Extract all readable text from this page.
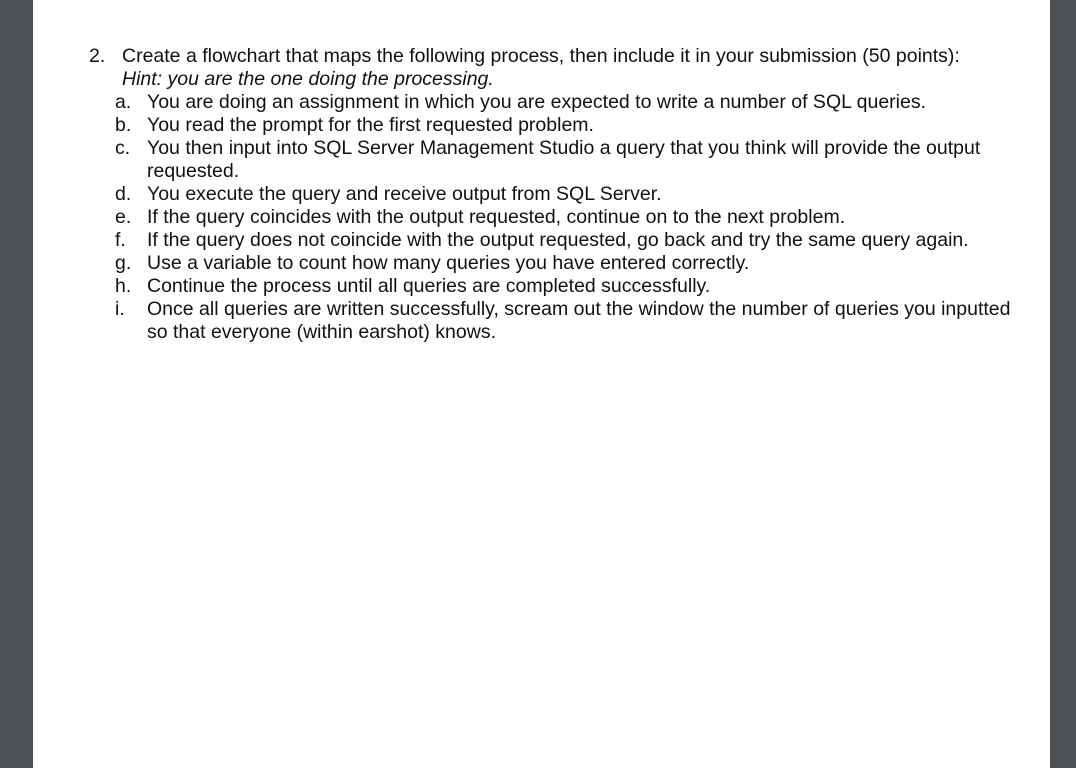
2. Create a flowchart that maps the following process, then include it in your submission (50 points):
Hint: you are the one doing the processing.
a. You are doing an assignment in which you are expected to write a number of SQL queries.
b. You read the prompt for the first requested problem.
c. You then input into SQL Server Management Studio a query that you think will provide the output requested.
d. You execute the query and receive output from SQL Server.
e. If the query coincides with the output requested, continue on to the next problem.
f.	If the query does not coincide with the output requested, go back and try the same query again.
g. Use a variable to count how many queries you have entered correctly.
h. Continue the process until all queries are completed successfully.
i.	Once all queries are written successfully, scream out the window the number of queries you inputted so that everyone (within earshot) knows.
